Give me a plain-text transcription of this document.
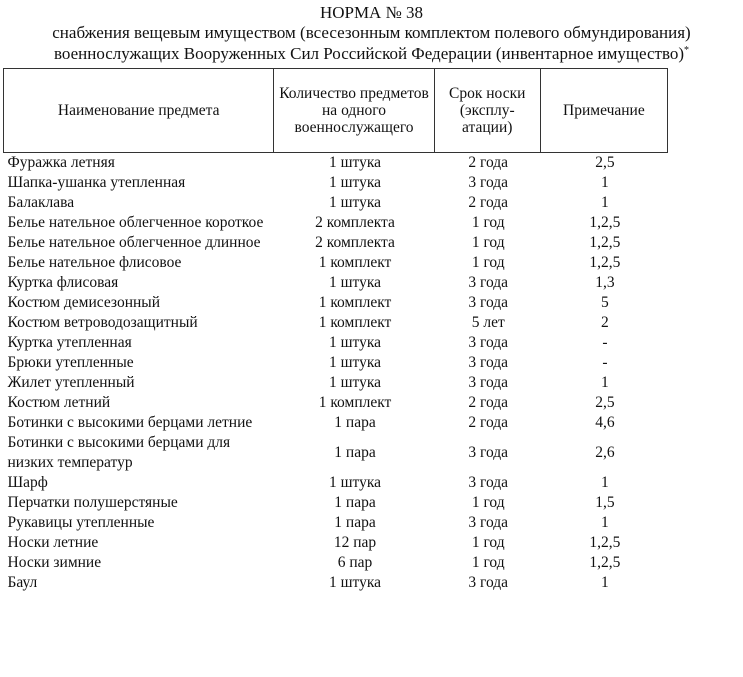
НОРМА № 38
снабжения вещевым имуществом (всесезонным комплектом полевого обмундирования)
военнослужащих Вооруженных Сил Российской Федерации (инвентарное имущество)*
Наименование предмета	Количество предметов на одного военнослужащего	Срок носки (эксплу-атации)	Примечание
Фуражка летняя	1 штука	2 года	2,5
Шапка-ушанка утепленная	1 штука	3 года	1
Балаклава	1 штука	2 года	1
Белье нательное облегченное короткое	2 комплекта	1 год	1,2,5
Белье нательное облегченное длинное	2 комплекта	1 год	1,2,5
Белье нательное флисовое	1 комплект	1 год	1,2,5
Куртка флисовая	1 штука	3 года	1,3
Костюм демисезонный	1 комплект	3 года	5
Костюм ветроводозащитный	1 комплект	5 лет	2
Куртка утепленная	1 штука	3 года	-
Брюки утепленные	1 штука	3 года	-
Жилет утепленный	1 штука	3 года	1
Костюм летний	1 комплект	2 года	2,5
Ботинки с высокими берцами летние	1 пара	2 года	4,6
Ботинки с высокими берцами для низких температур	1 пара	3 года	2,6
Шарф	1 штука	3 года	1
Перчатки полушерстяные	1 пара	1 год	1,5
Рукавицы утепленные	1 пара	3 года	1
Носки летние	12 пар	1 год	1,2,5
Носки зимние	6 пар	1 год	1,2,5
Баул	1 штука	3 года	1
